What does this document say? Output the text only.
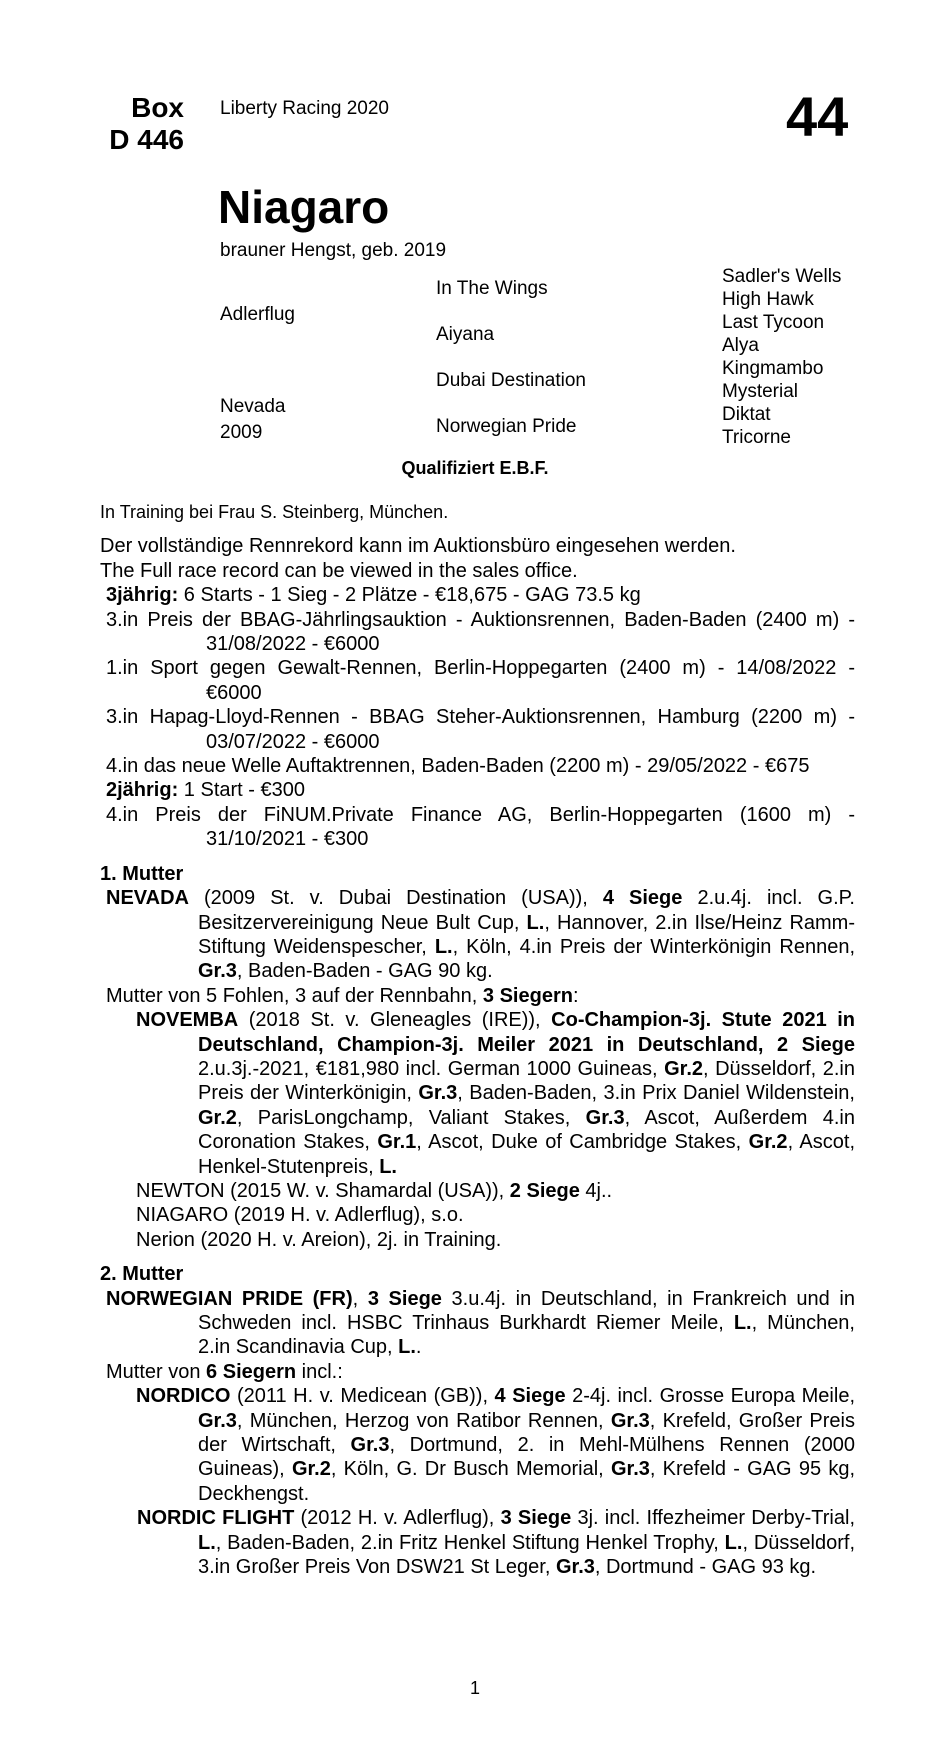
Box
D 446
Liberty Racing 2020	44
Niagaro
brauner Hengst, geb. 2019
Adlerflug
Nevada
2009
In The Wings
Aiyana
Dubai Destination
Norwegian Pride
Sadler's Wells
High Hawk
Last Tycoon
Alya
Kingmambo
Mysterial
Diktat
Tricorne
Qualifiziert E.B.F.

In Training bei Frau S. Steinberg, München.

Der vollständige Rennrekord kann im Auktionsbüro eingesehen werden.

The Full race record can be viewed in the sales office.

3jährig: 6 Starts - 1 Sieg - 2 Plätze - €18,675 - GAG 73.5 kg

3.in Preis der BBAG-Jährlingsauktion - Auktionsrennen, Baden-Baden (2400 m) - 31/08/2022 - €6000

1.in Sport gegen Gewalt-Rennen, Berlin-Hoppegarten (2400 m) - 14/08/2022 - €6000

3.in Hapag-Lloyd-Rennen - BBAG Steher-Auktionsrennen, Hamburg (2200 m) - 03/07/2022 - €6000

4.in das neue Welle Auftaktrennen, Baden-Baden (2200 m) - 29/05/2022 - €675

2jährig: 1 Start - €300

4.in Preis der FiNUM.Private Finance AG, Berlin-Hoppegarten (1600 m) - 31/10/2021 - €300

1. Mutter

NEVADA (2009 St. v. Dubai Destination (USA)), 4 Siege 2.u.4j. incl. G.P. Besitzervereinigung Neue Bult Cup, L., Hannover, 2.in Ilse/Heinz Ramm-Stiftung Weidenspescher, L., Köln, 4.in Preis der Winterkönigin Rennen, Gr.3, Baden-Baden - GAG 90 kg.

Mutter von 5 Fohlen, 3 auf der Rennbahn, 3 Siegern:

NOVEMBA (2018 St. v. Gleneagles (IRE)), Co-Champion-3j. Stute 2021 in Deutschland, Champion-3j. Meiler 2021 in Deutschland, 2 Siege 2.u.3j.-2021, €181,980 incl. German 1000 Guineas, Gr.2, Düsseldorf, 2.in Preis der Winterkönigin, Gr.3, Baden-Baden, 3.in Prix Daniel Wildenstein, Gr.2, ParisLongchamp, Valiant Stakes, Gr.3, Ascot, Außerdem 4.in Coronation Stakes, Gr.1, Ascot, Duke of Cambridge Stakes, Gr.2, Ascot, Henkel-Stutenpreis, L.

NEWTON (2015 W. v. Shamardal (USA)), 2 Siege 4j..

NIAGARO (2019 H. v. Adlerflug), s.o.

Nerion (2020 H. v. Areion), 2j. in Training.

2. Mutter

NORWEGIAN PRIDE (FR), 3 Siege 3.u.4j. in Deutschland, in Frankreich und in Schweden incl. HSBC Trinhaus Burkhardt Riemer Meile, L., München, 2.in Scandinavia Cup, L..

Mutter von 6 Siegern incl.:

NORDICO (2011 H. v. Medicean (GB)), 4 Siege 2-4j. incl. Grosse Europa Meile, Gr.3, München, Herzog von Ratibor Rennen, Gr.3, Krefeld, Großer Preis der Wirtschaft, Gr.3, Dortmund, 2. in Mehl-Mülhens Rennen (2000 Guineas), Gr.2, Köln, G. Dr Busch Memorial, Gr.3, Krefeld - GAG 95 kg, Deckhengst.

NORDIC FLIGHT (2012 H. v. Adlerflug), 3 Siege 3j. incl. Iffezheimer Derby-Trial, L., Baden-Baden, 2.in Fritz Henkel Stiftung Henkel Trophy, L., Düsseldorf, 3.in Großer Preis Von DSW21 St Leger, Gr.3, Dortmund - GAG 93 kg.

1
